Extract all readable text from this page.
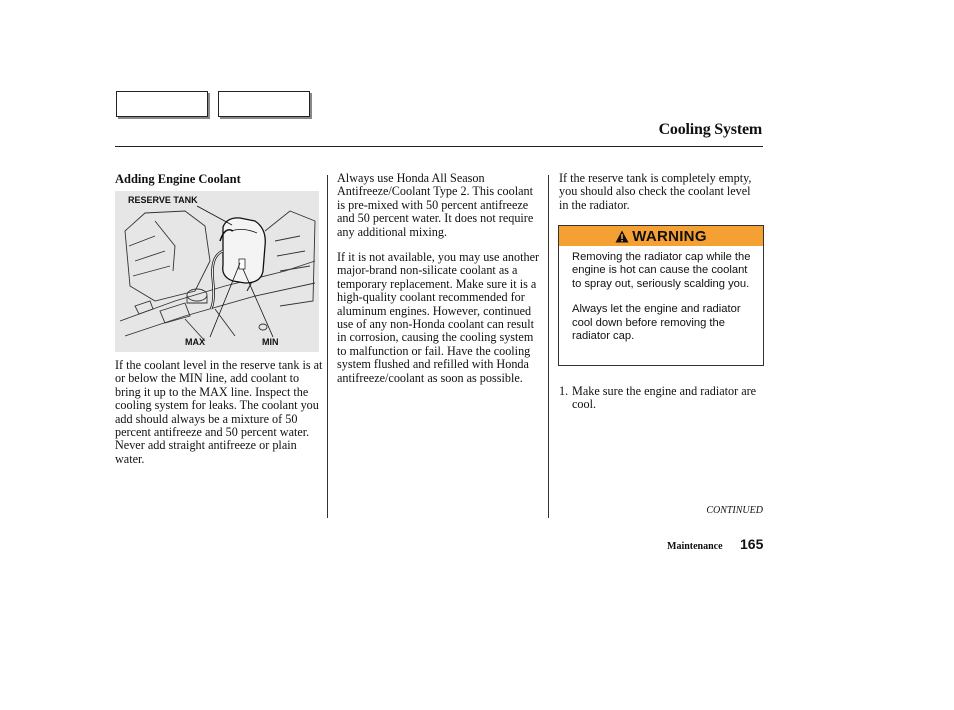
Cooling System
Adding Engine Coolant
RESERVE TANK
MAX	MIN

If the coolant level in the reserve tank is at or below the MIN line, add coolant to bring it up to the MAX line. Inspect the cooling system for leaks. The coolant you add should always be a mixture of 50 percent antifreeze and 50 percent water. Never add straight antifreeze or plain water.

Always use Honda All Season Antifreeze/Coolant Type 2. This coolant is pre-mixed with 50 percent antifreeze and 50 percent water. It does not require any additional mixing.

If it is not available, you may use another major-brand non-silicate coolant as a temporary replacement. Make sure it is a high-quality coolant recommended for aluminum engines. However, continued use of any non-Honda coolant can result in corrosion, causing the cooling system to malfunction or fail. Have the cooling system flushed and refilled with Honda antifreeze/coolant as soon as possible.

If the reserve tank is completely empty, you should also check the coolant level in the radiator.

WARNING

Removing the radiator cap while the engine is hot can cause the coolant to spray out, seriously scalding you.

Always let the engine and radiator cool down before removing the radiator cap.

1. Make sure the engine and radiator are cool.
CONTINUED
Maintenance 165
